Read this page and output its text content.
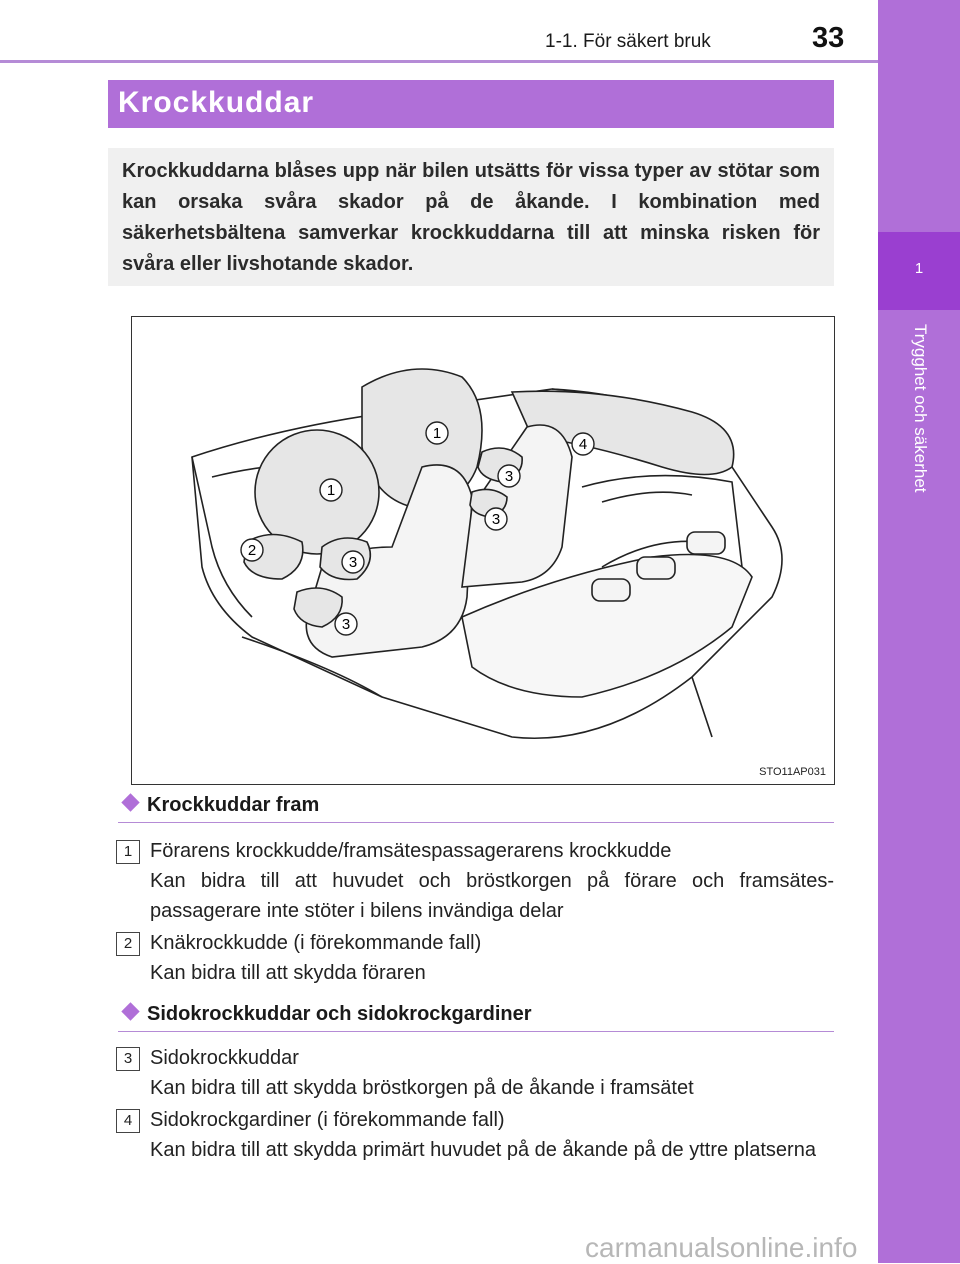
1-1. För säkert bruk	33
1
Trygghet och säkerhet
Krockkuddar

Krockkuddarna blåses upp när bilen utsätts för vissa typer av stötar som kan orsaka svåra skador på de åkande. I kombination med säkerhetsbältena samverkar krockkuddarna till att minska risken för svåra eller livshotande skador.

1
1
2
3
3
3
3
4
STO11AP031
Krockkuddar fram
1 Förarens krockkudde/framsätespassagerarens krockkudde

Kan bidra till att huvudet och bröstkorgen på förare och framsätes-passagerare inte stöter i bilens invändiga delar

2 Knäkrockkudde (i förekommande fall)

Kan bidra till att skydda föraren

Sidokrockkuddar och sidokrockgardiner
3 Sidokrockkuddar

Kan bidra till att skydda bröstkorgen på de åkande i framsätet

4 Sidokrockgardiner (i förekommande fall)

Kan bidra till att skydda primärt huvudet på de åkande på de yttre platserna

carmanualsonline.info
